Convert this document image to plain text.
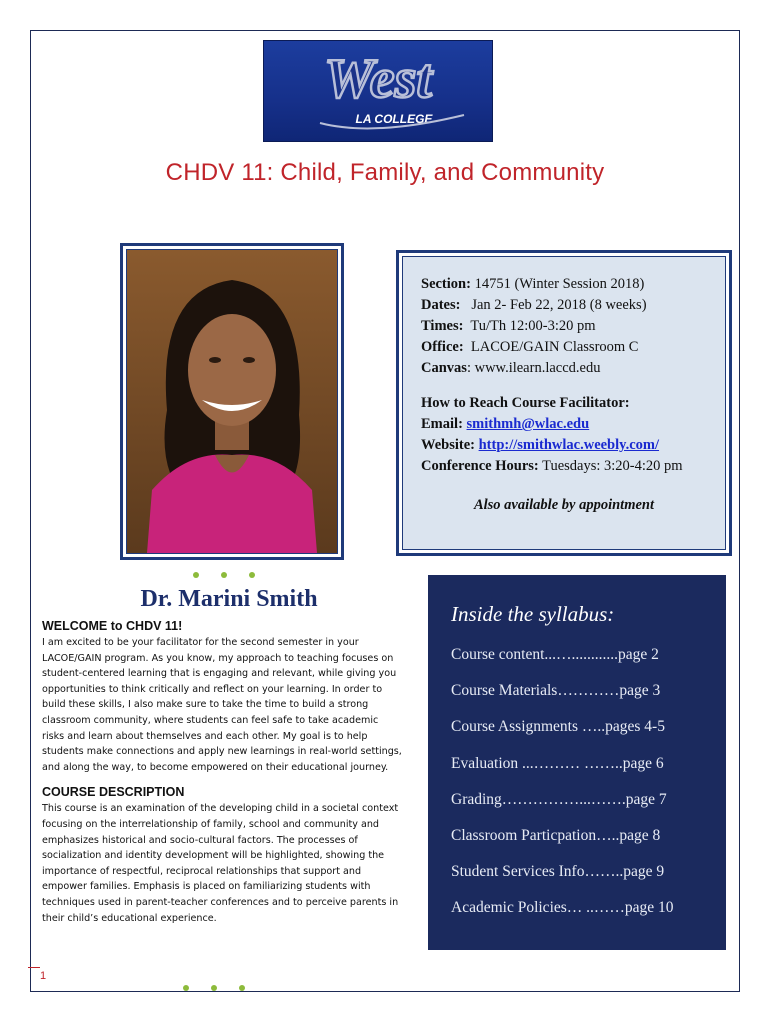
West
LA COLLEGE
CHDV 11: Child, Family, and Community
Section: 14751 (Winter Session 2018)
Dates:   Jan 2- Feb 22, 2018 (8 weeks)
Times:  Tu/Th 12:00-3:20 pm
Office:  LACOE/GAIN Classroom C
Canvas: www.ilearn.laccd.edu
How to Reach Course Facilitator:
Email: smithmh@wlac.edu
Website: http://smithwlac.weebly.com/
Conference Hours: Tuesdays: 3:20-4:20 pm
Also available by appointment
Dr. Marini Smith
WELCOME to CHDV 11!

I am excited to be your facilitator for the second semester in your LACOE/GAIN program. As you know, my approach to teaching focuses on student-centered learning that is engaging and relevant, while giving you opportunities to think critically and reflect on your learning. In order to build these skills, I also make sure to take the time to build a strong classroom community, where students can feel safe to take academic risks and learn about themselves and each other. My goal is to help students make connections and apply new learnings in real-world settings, and along the way, to become empowered on their educational journey.

COURSE DESCRIPTION

This course is an examination of the developing child in a societal context focusing on the interrelationship of family, school and community and emphasizes historical and socio-cultural factors. The processes of socialization and identity development will be highlighted, showing the importance of respectful, reciprocal relationships that support and empower families. Emphasis is placed on familiarizing students with techniques used in parent-teacher conferences and to perceive parents in their child’s educational experience.

Inside the syllabus:
Course content...…............page 2
Course Materials…………page 3
Course Assignments …..pages 4-5
Evaluation ...……… ……..page 6
Grading……………...…….page 7
Classroom Particpation…..page 8
Student Services Info……..page 9
Academic Policies… ..……page 10
1
